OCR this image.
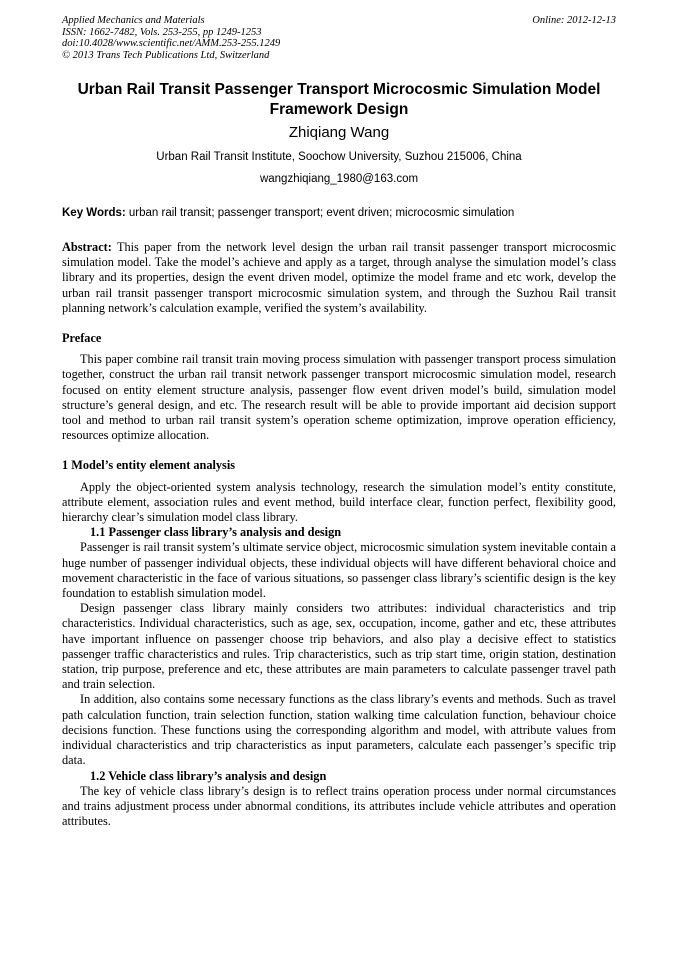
Applied Mechanics and Materials
ISSN: 1662-7482, Vols. 253-255, pp 1249-1253
doi:10.4028/www.scientific.net/AMM.253-255.1249
© 2013 Trans Tech Publications Ltd, Switzerland
Online: 2012-12-13
Urban Rail Transit Passenger Transport Microcosmic Simulation Model Framework Design
Zhiqiang Wang
Urban Rail Transit Institute, Soochow University, Suzhou 215006, China
wangzhiqiang_1980@163.com
Key Words: urban rail transit; passenger transport; event driven; microcosmic simulation

Abstract: This paper from the network level design the urban rail transit passenger transport microcosmic simulation model. Take the model’s achieve and apply as a target, through analyse the simulation model’s class library and its properties, design the event driven model, optimize the model frame and etc work, develop the urban rail transit passenger transport microcosmic simulation system, and through the Suzhou Rail transit planning network’s calculation example, verified the system’s availability.

Preface

This paper combine rail transit train moving process simulation with passenger transport process simulation together, construct the urban rail transit network passenger transport microcosmic simulation model, research focused on entity element structure analysis, passenger flow event driven model’s build, simulation model structure’s general design, and etc. The research result will be able to provide important aid decision support tool and method to urban rail transit system’s operation scheme optimization, improve operation efficiency, resources optimize allocation.

1 Model’s entity element analysis

Apply the object-oriented system analysis technology, research the simulation model’s entity constitute, attribute element, association rules and event method, build interface clear, function perfect, flexibility good, hierarchy clear’s simulation model class library.

1.1 Passenger class library’s analysis and design

Passenger is rail transit system’s ultimate service object, microcosmic simulation system inevitable contain a huge number of passenger individual objects, these individual objects will have different behavioral choice and movement characteristic in the face of various situations, so passenger class library’s scientific design is the key foundation to establish simulation model.

Design passenger class library mainly considers two attributes: individual characteristics and trip characteristics. Individual characteristics, such as age, sex, occupation, income, gather and etc, these attributes have important influence on passenger choose trip behaviors, and also play a decisive effect to statistics passenger traffic characteristics and rules. Trip characteristics, such as trip start time, origin station, destination station, trip purpose, preference and etc, these attributes are main parameters to calculate passenger travel path and train selection.

In addition, also contains some necessary functions as the class library’s events and methods. Such as travel path calculation function, train selection function, station walking time calculation function, behaviour choice decisions function. These functions using the corresponding algorithm and model, with attribute values from individual characteristics and trip characteristics as input parameters, calculate each passenger’s specific trip data.

1.2 Vehicle class library’s analysis and design

The key of vehicle class library’s design is to reflect trains operation process under normal circumstances and trains adjustment process under abnormal conditions, its attributes include vehicle attributes and operation attributes.
